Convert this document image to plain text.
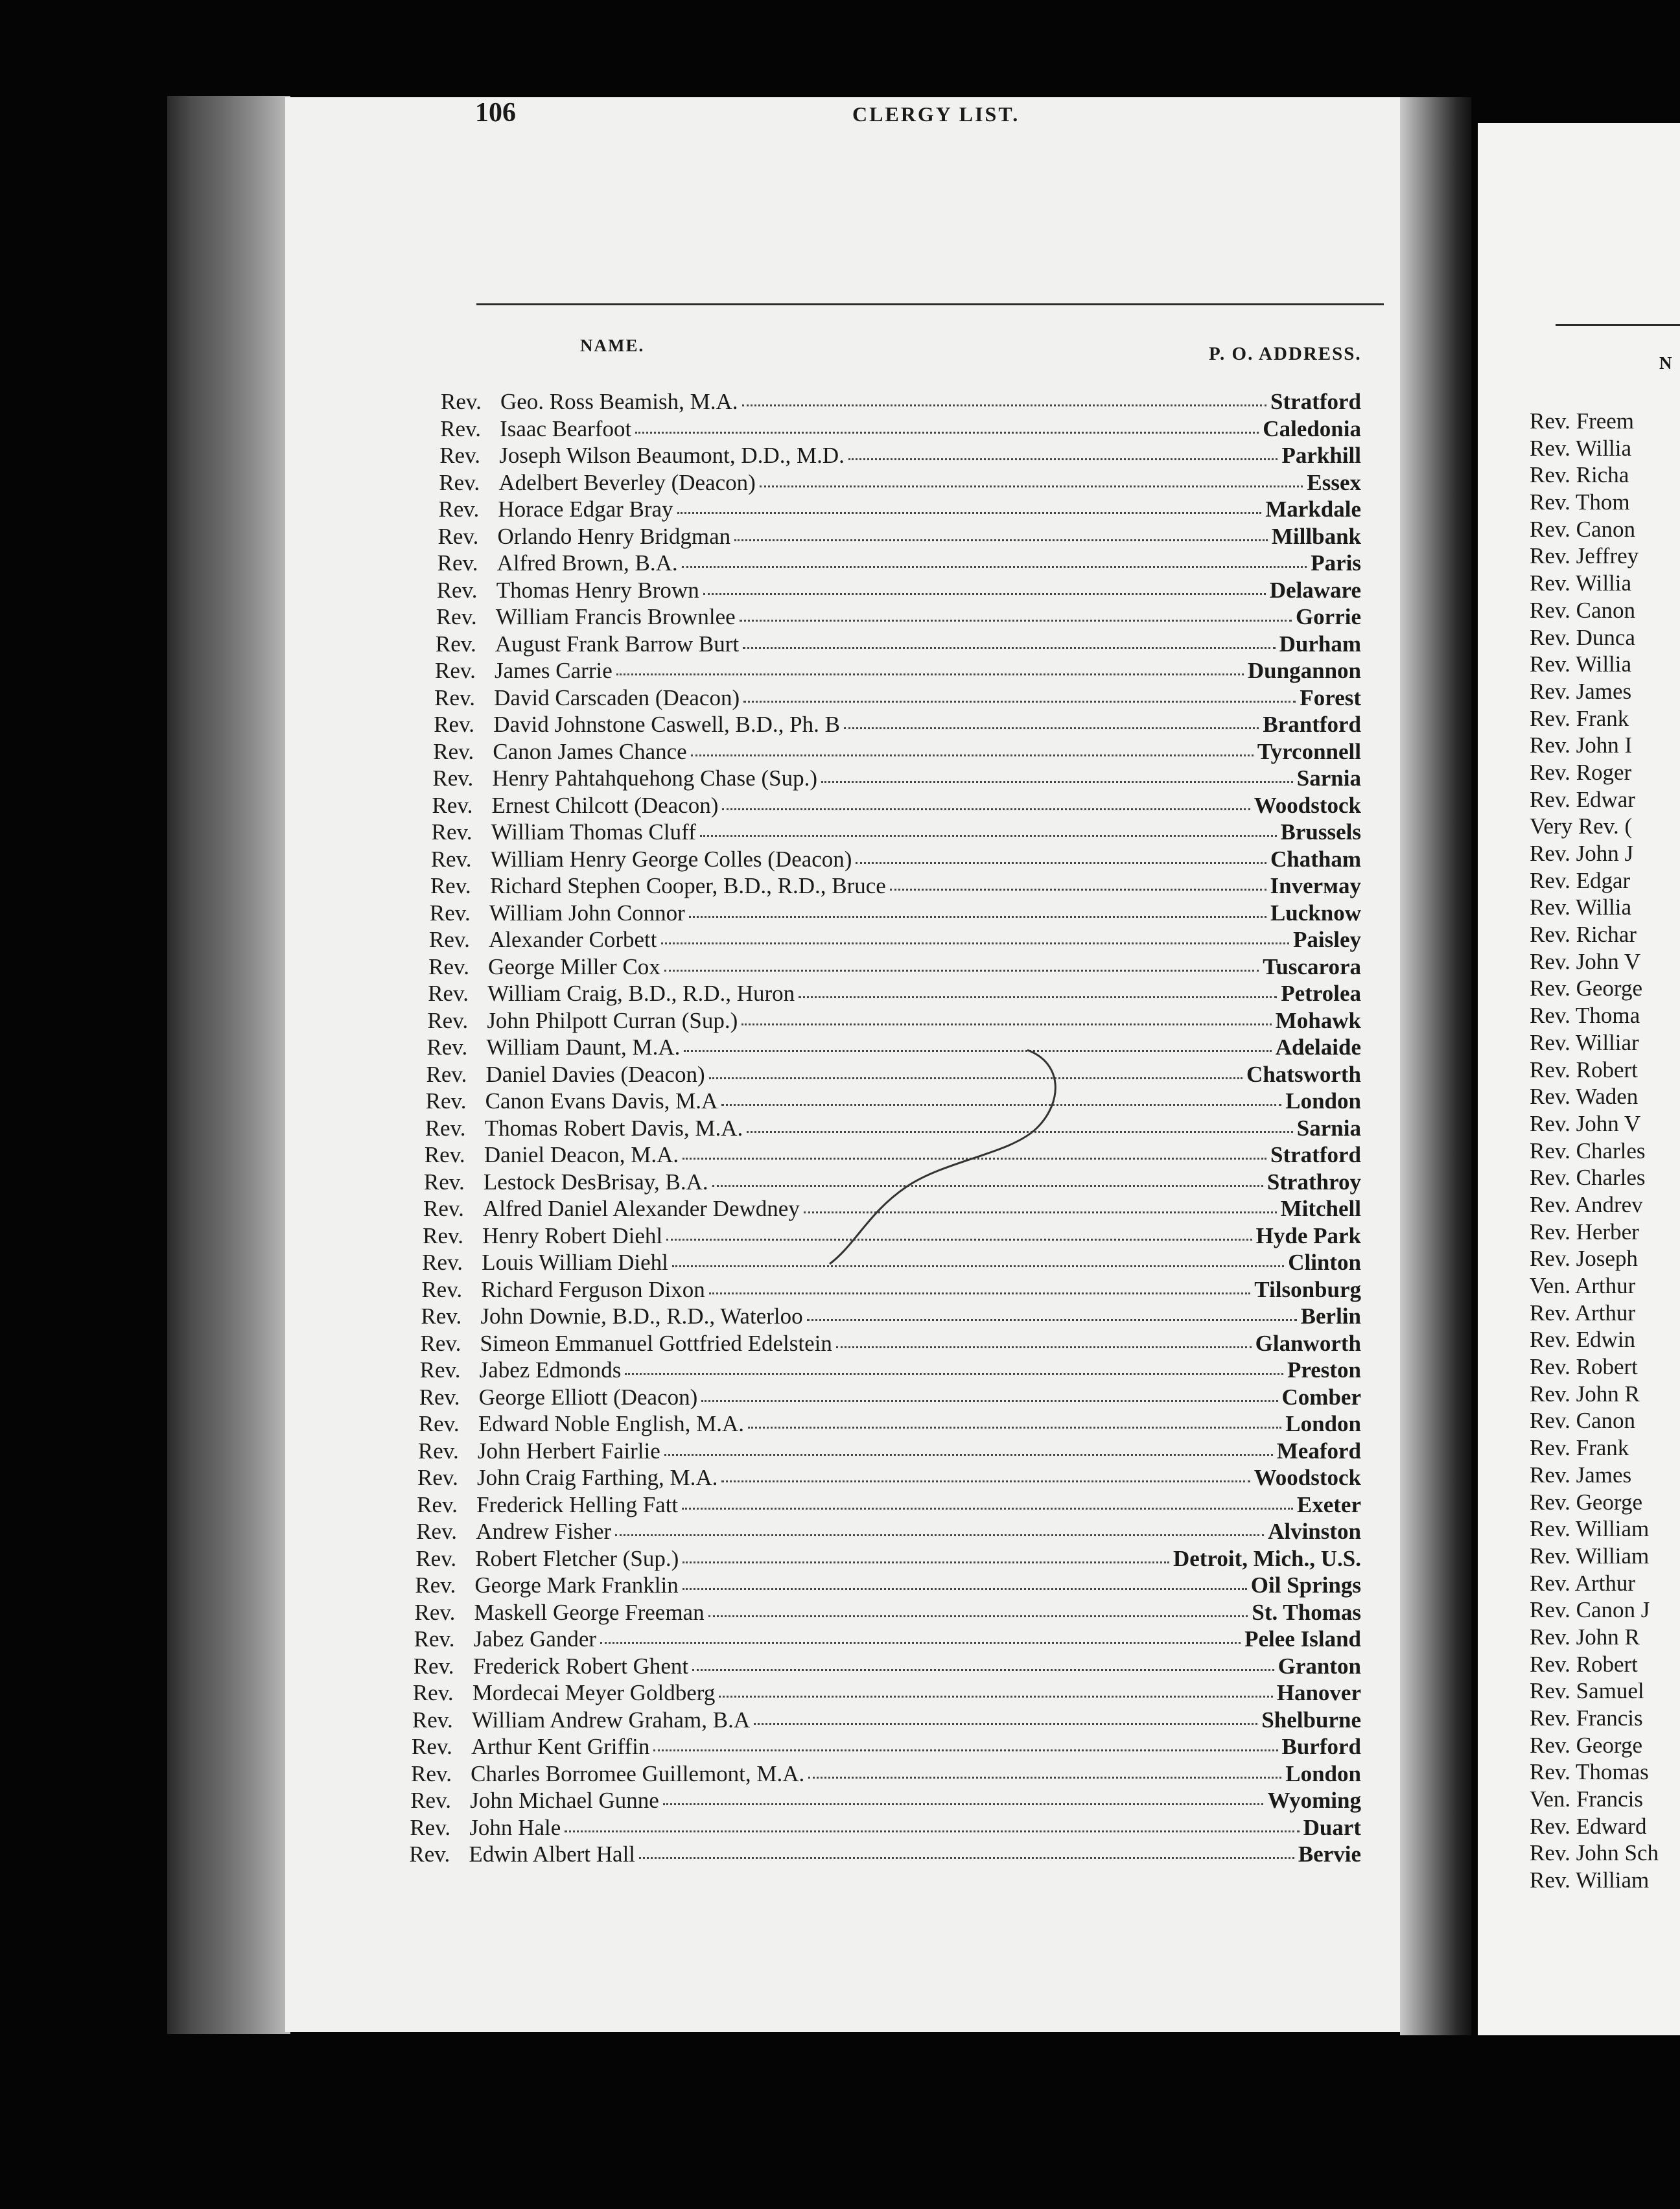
106	CLERGY LIST.
NAME.	P. O. ADDRESS.
Rev. Geo. Ross Beamish, M.A.	Stratford
Rev. Isaac Bearfoot	Caledonia
Rev. Joseph Wilson Beaumont, D.D., M.D.	Parkhill
Rev. Adelbert Beverley (Deacon)	Essex
Rev. Horace Edgar Bray	Markdale
Rev. Orlando Henry Bridgman	Millbank
Rev. Alfred Brown, B.A.	Paris
Rev. Thomas Henry Brown	Delaware
Rev. William Francis Brownlee	Gorrie
Rev. August Frank Barrow Burt	Durham
Rev. James Carrie	Dungannon
Rev. David Carscaden (Deacon)	Forest
Rev. David Johnstone Caswell, B.D., Ph. B	Brantford
Rev. Canon James Chance	Tyrconnell
Rev. Henry Pahtahquehong Chase (Sup.)	Sarnia
Rev. Ernest Chilcott (Deacon)	Woodstock
Rev. William Thomas Cluff	Brussels
Rev. William Henry George Colles (Deacon)	Chatham
Rev. Richard Stephen Cooper, B.D., R.D., Bruce	Inverмay
Rev. William John Connor	Lucknow
Rev. Alexander Corbett	Paisley
Rev. George Miller Cox	Tuscarora
Rev. William Craig, B.D., R.D., Huron	Petrolea
Rev. John Philpott Curran (Sup.)	Mohawk
Rev. William Daunt, M.A.	Adelaide
Rev. Daniel Davies (Deacon)	Chatsworth
Rev. Canon Evans Davis, M.A	London
Rev. Thomas Robert Davis, M.A.	Sarnia
Rev. Daniel Deacon, M.A.	Stratford
Rev. Lestock DesBrisay, B.A.	Strathroy
Rev. Alfred Daniel Alexander Dewdney	Mitchell
Rev. Henry Robert Diehl	Hyde Park
Rev. Louis William Diehl	Clinton
Rev. Richard Ferguson Dixon	Tilsonburg
Rev. John Downie, B.D., R.D., Waterloo	Berlin
Rev. Simeon Emmanuel Gottfried Edelstein	Glanworth
Rev. Jabez Edmonds	Preston
Rev. George Elliott (Deacon)	Comber
Rev. Edward Noble English, M.A.	London
Rev. John Herbert Fairlie	Meaford
Rev. John Craig Farthing, M.A.	Woodstock
Rev. Frederick Helling Fatt	Exeter
Rev. Andrew Fisher	Alvinston
Rev. Robert Fletcher (Sup.)	Detroit, Mich., U.S.
Rev. George Mark Franklin	Oil Springs
Rev. Maskell George Freeman	St. Thomas
Rev. Jabez Gander	Pelee Island
Rev. Frederick Robert Ghent	Granton
Rev. Mordecai Meyer Goldberg	Hanover
Rev. William Andrew Graham, B.A	Shelburne
Rev. Arthur Kent Griffin	Burford
Rev. Charles Borromee Guillemont, M.A.	London
Rev. John Michael Gunne	Wyoming
Rev. John Hale	Duart
Rev. Edwin Albert Hall	Bervie
N
Rev. Freem
Rev. Willia
Rev. Richa
Rev. Thom
Rev. Canon
Rev. Jeffrey
Rev. Willia
Rev. Canon
Rev. Dunca
Rev. Willia
Rev. James
Rev. Frank
Rev. John I
Rev. Roger
Rev. Edwar
Very Rev. (
Rev. John J
Rev. Edgar
Rev. Willia
Rev. Richar
Rev. John V
Rev. George
Rev. Thoma
Rev. Williar
Rev. Robert
Rev. Waden
Rev. John V
Rev. Charles
Rev. Charles
Rev. Andrev
Rev. Herber
Rev. Joseph
Ven. Arthur
Rev. Arthur
Rev. Edwin
Rev. Robert
Rev. John R
Rev. Canon
Rev. Frank
Rev. James
Rev. George
Rev. William
Rev. William
Rev. Arthur
Rev. Canon J
Rev. John R
Rev. Robert
Rev. Samuel
Rev. Francis
Rev. George
Rev. Thomas
Ven. Francis
Rev. Edward
Rev. John Sch
Rev. William
